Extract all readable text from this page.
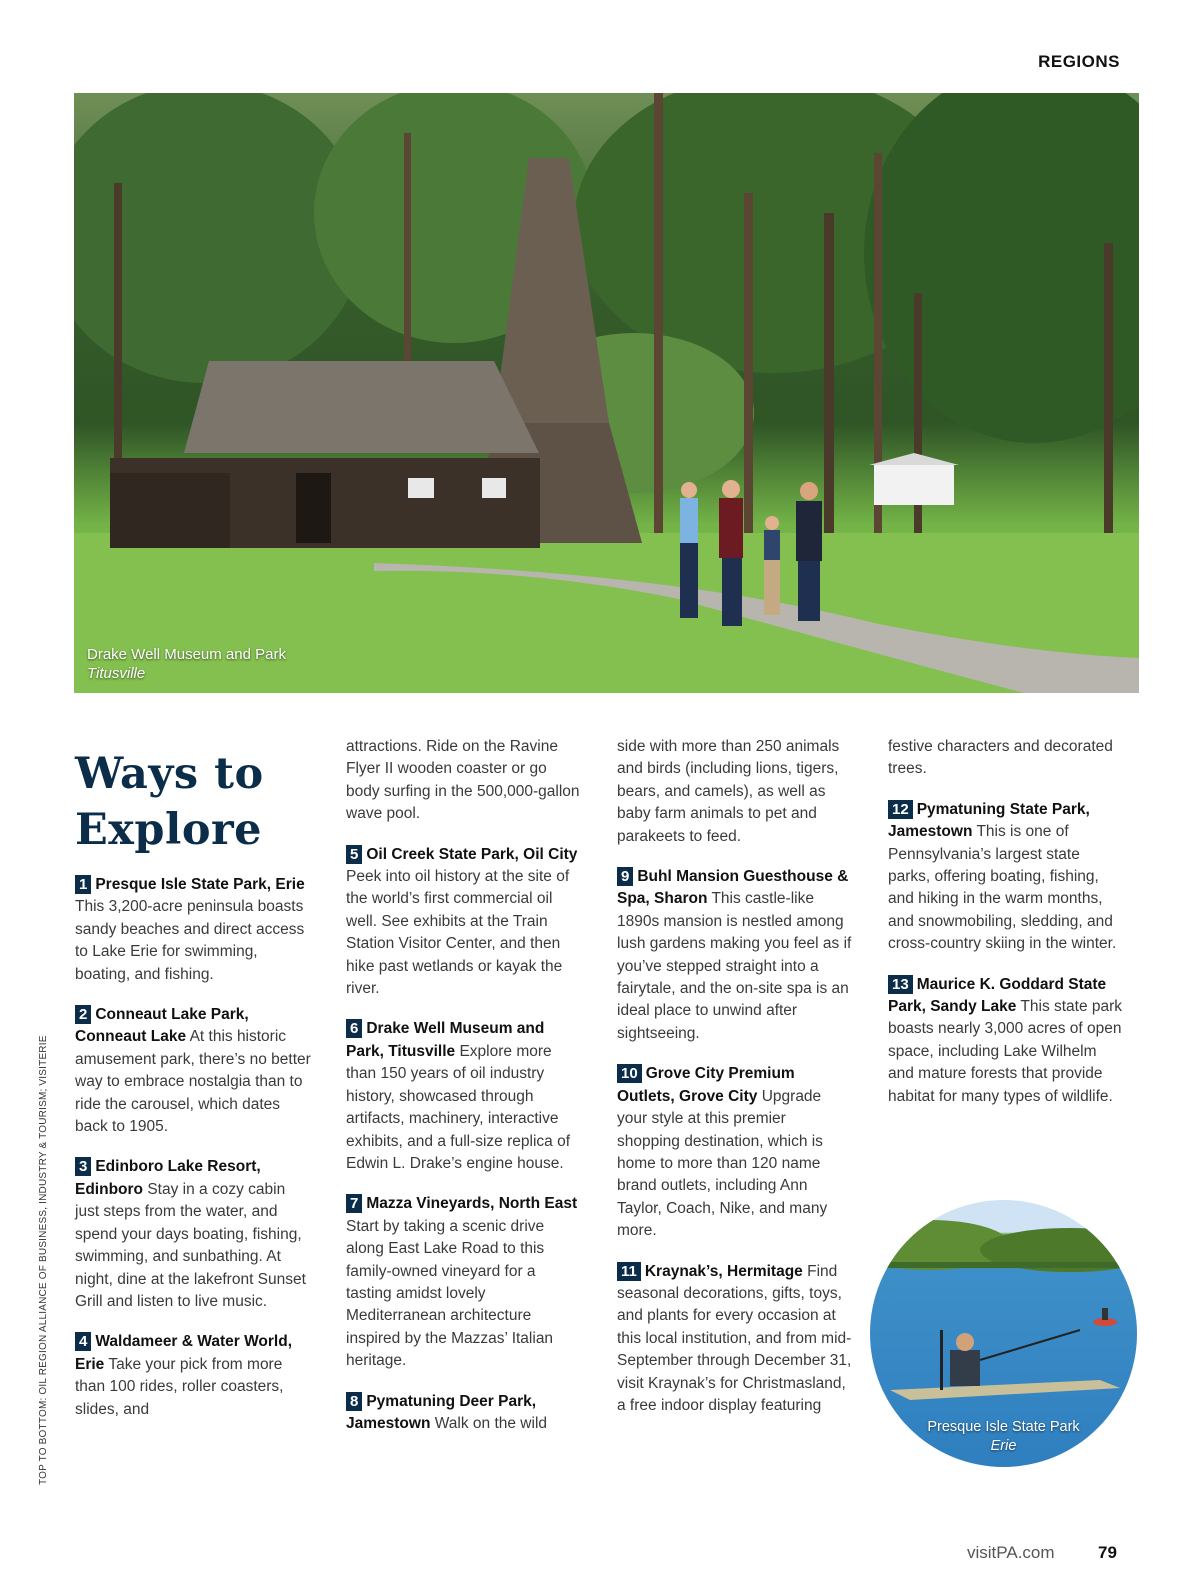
REGIONS
Drake Well Museum and Park
Titusville
Ways to Explore

1 Presque Isle State Park, Erie This 3,200-acre peninsula boasts sandy beaches and direct access to Lake Erie for swimming, boating, and fishing.

2 Conneaut Lake Park, Conneaut Lake At this historic amusement park, there’s no better way to embrace nostalgia than to ride the carousel, which dates back to 1905.

3 Edinboro Lake Resort, Edinboro Stay in a cozy cabin just steps from the water, and spend your days boating, fishing, swimming, and sunbathing. At night, dine at the lakefront Sunset Grill and listen to live music.

4 Waldameer & Water World, Erie Take your pick from more than 100 rides, roller coasters, slides, and

attractions. Ride on the Ravine Flyer II wooden coaster or go body surfing in the 500,000-gallon wave pool.

5 Oil Creek State Park, Oil City Peek into oil history at the site of the world’s first commercial oil well. See exhibits at the Train Station Visitor Center, and then hike past wetlands or kayak the river.

6 Drake Well Museum and Park, Titusville Explore more than 150 years of oil industry history, showcased through artifacts, machinery, interactive exhibits, and a full-size replica of Edwin L. Drake’s engine house.

7 Mazza Vineyards, North East Start by taking a scenic drive along East Lake Road to this family-owned vineyard for a tasting amidst lovely Mediterranean architecture inspired by the Mazzas’ Italian heritage.

8 Pymatuning Deer Park, Jamestown Walk on the wild

side with more than 250 animals and birds (including lions, tigers, bears, and camels), as well as baby farm animals to pet and parakeets to feed.

9 Buhl Mansion Guesthouse & Spa, Sharon This castle-like 1890s mansion is nestled among lush gardens making you feel as if you’ve stepped straight into a fairytale, and the on-site spa is an ideal place to unwind after sightseeing.

10 Grove City Premium Outlets, Grove City Upgrade your style at this premier shopping destination, which is home to more than 120 name brand outlets, including Ann Taylor, Coach, Nike, and many more.

11 Kraynak’s, Hermitage Find seasonal decorations, gifts, toys, and plants for every occasion at this local institution, and from mid-September through December 31, visit Kraynak’s for Christmasland, a free indoor display featuring

festive characters and decorated trees.

12 Pymatuning State Park, Jamestown This is one of Pennsylvania’s largest state parks, offering boating, fishing, and hiking in the warm months, and snowmobiling, sledding, and cross-country skiing in the winter.

13 Maurice K. Goddard State Park, Sandy Lake This state park boasts nearly 3,000 acres of open space, including Lake Wilhelm and mature forests that provide habitat for many types of wildlife.

Presque Isle State Park
Erie
TOP TO BOTTOM: OIL REGION ALLIANCE OF BUSINESS, INDUSTRY & TOURISM; VISITERIE
visitPA.com	79
